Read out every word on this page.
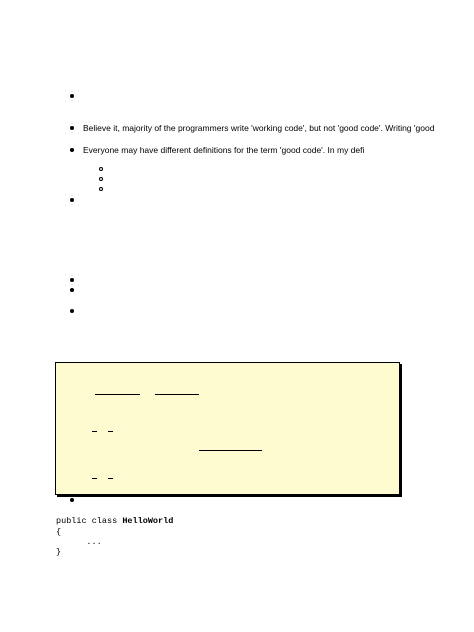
Believe it, majority of the programmers write 'working code', but not 'good code'. Writing 'good
Everyone may have different definitions for the term 'good code'. In my defi
public class HelloWorld
{
...
}
